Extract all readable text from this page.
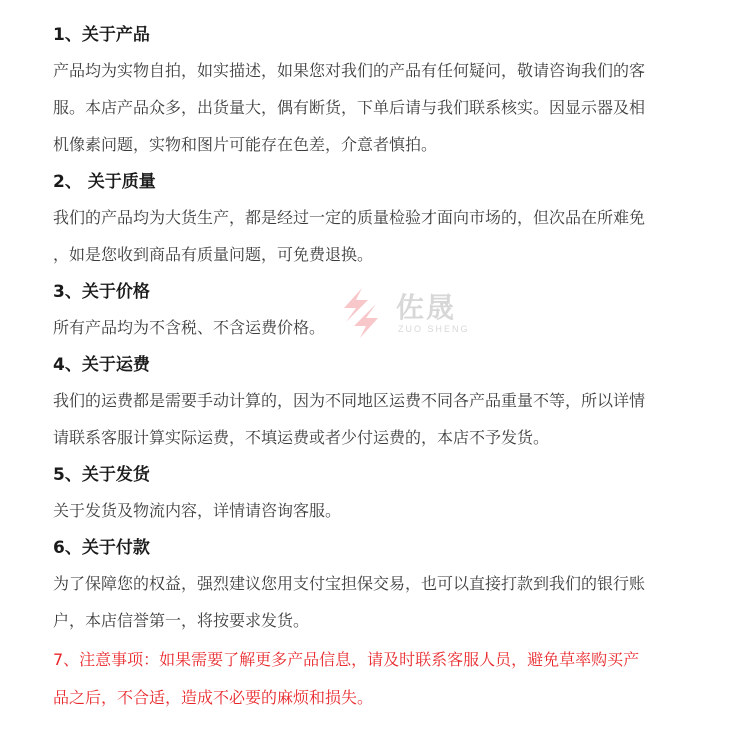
1、关于产品
产品均为实物自拍，如实描述，如果您对我们的产品有任何疑问，敬请咨询我们的客
服。本店产品众多，出货量大，偶有断货，下单后请与我们联系核实。因显示器及相
机像素问题，实物和图片可能存在色差，介意者慎拍。
2、 关于质量
我们的产品均为大货生产，都是经过一定的质量检验才面向市场的，但次品在所难免
，如是您收到商品有质量问题，可免费退换。
3、关于价格
所有产品均为不含税、不含运费价格。
4、关于运费
我们的运费都是需要手动计算的，因为不同地区运费不同各产品重量不等，所以详情
请联系客服计算实际运费，不填运费或者少付运费的，本店不予发货。
5、关于发货
关于发货及物流内容，详情请咨询客服。
6、关于付款
为了保障您的权益，强烈建议您用支付宝担保交易，也可以直接打款到我们的银行账
户，本店信誉第一，将按要求发货。
7、注意事项：如果需要了解更多产品信息，请及时联系客服人员，避免草率购买产
品之后，不合适，造成不必要的麻烦和损失。
佐晟
ZUO SHENG
